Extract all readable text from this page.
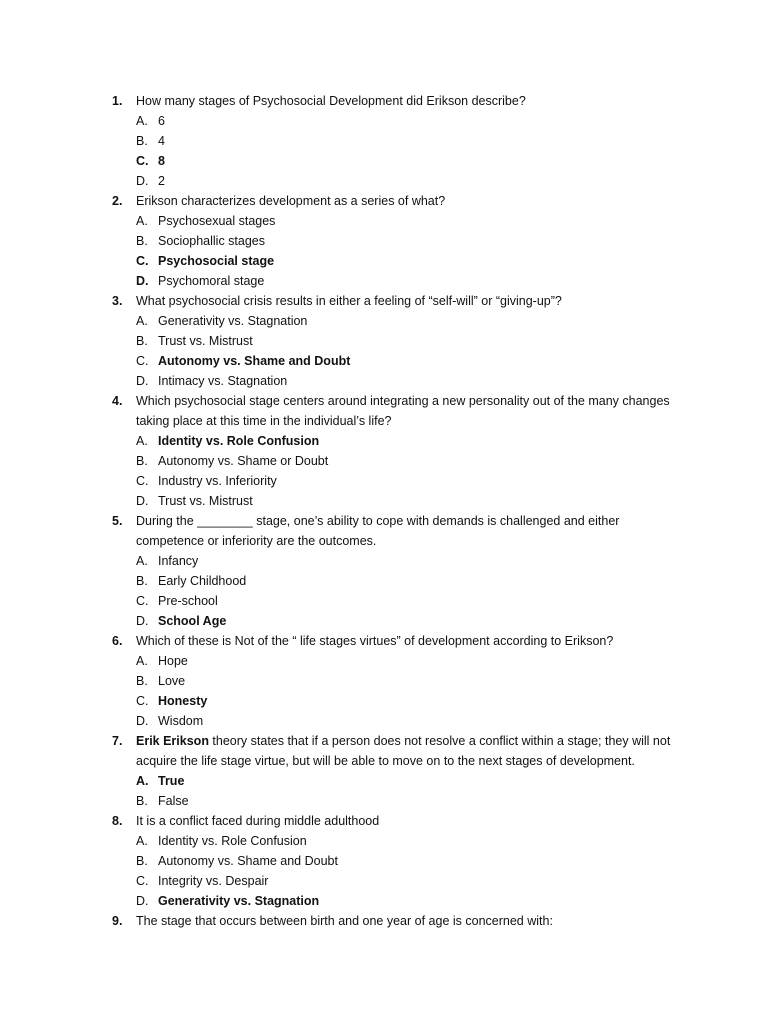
1. How many stages of Psychosocial Development did Erikson describe?
A. 6
B. 4
C. 8
D. 2
2. Erikson characterizes development as a series of what?
A. Psychosexual stages
B. Sociophallic stages
C. Psychosocial stage
D. Psychomoral stage
3. What psychosocial crisis results in either a feeling of “self-will” or “giving-up”?
A. Generativity vs. Stagnation
B. Trust vs. Mistrust
C. Autonomy vs. Shame and Doubt
D. Intimacy vs. Stagnation
4. Which psychosocial stage centers around integrating a new personality out of the many changes
taking place at this time in the individual’s life?
A. Identity vs. Role Confusion
B. Autonomy vs. Shame or Doubt
C. Industry vs. Inferiority
D. Trust vs. Mistrust
5. During the ________ stage, one’s ability to cope with demands is challenged and either
competence or inferiority are the outcomes.
A. Infancy
B. Early Childhood
C. Pre-school
D. School Age
6. Which of these is Not of the “ life stages virtues” of development according to Erikson?
A. Hope
B. Love
C. Honesty
D. Wisdom
7. Erik Erikson theory states that if a person does not resolve a conflict within a stage; they will not
acquire the life stage virtue, but will be able to move on to the next stages of development.
A. True
B. False
8. It is a conflict faced during middle adulthood
A. Identity vs. Role Confusion
B. Autonomy vs. Shame and Doubt
C. Integrity vs. Despair
D. Generativity vs. Stagnation
9. The stage that occurs between birth and one year of age is concerned with:
